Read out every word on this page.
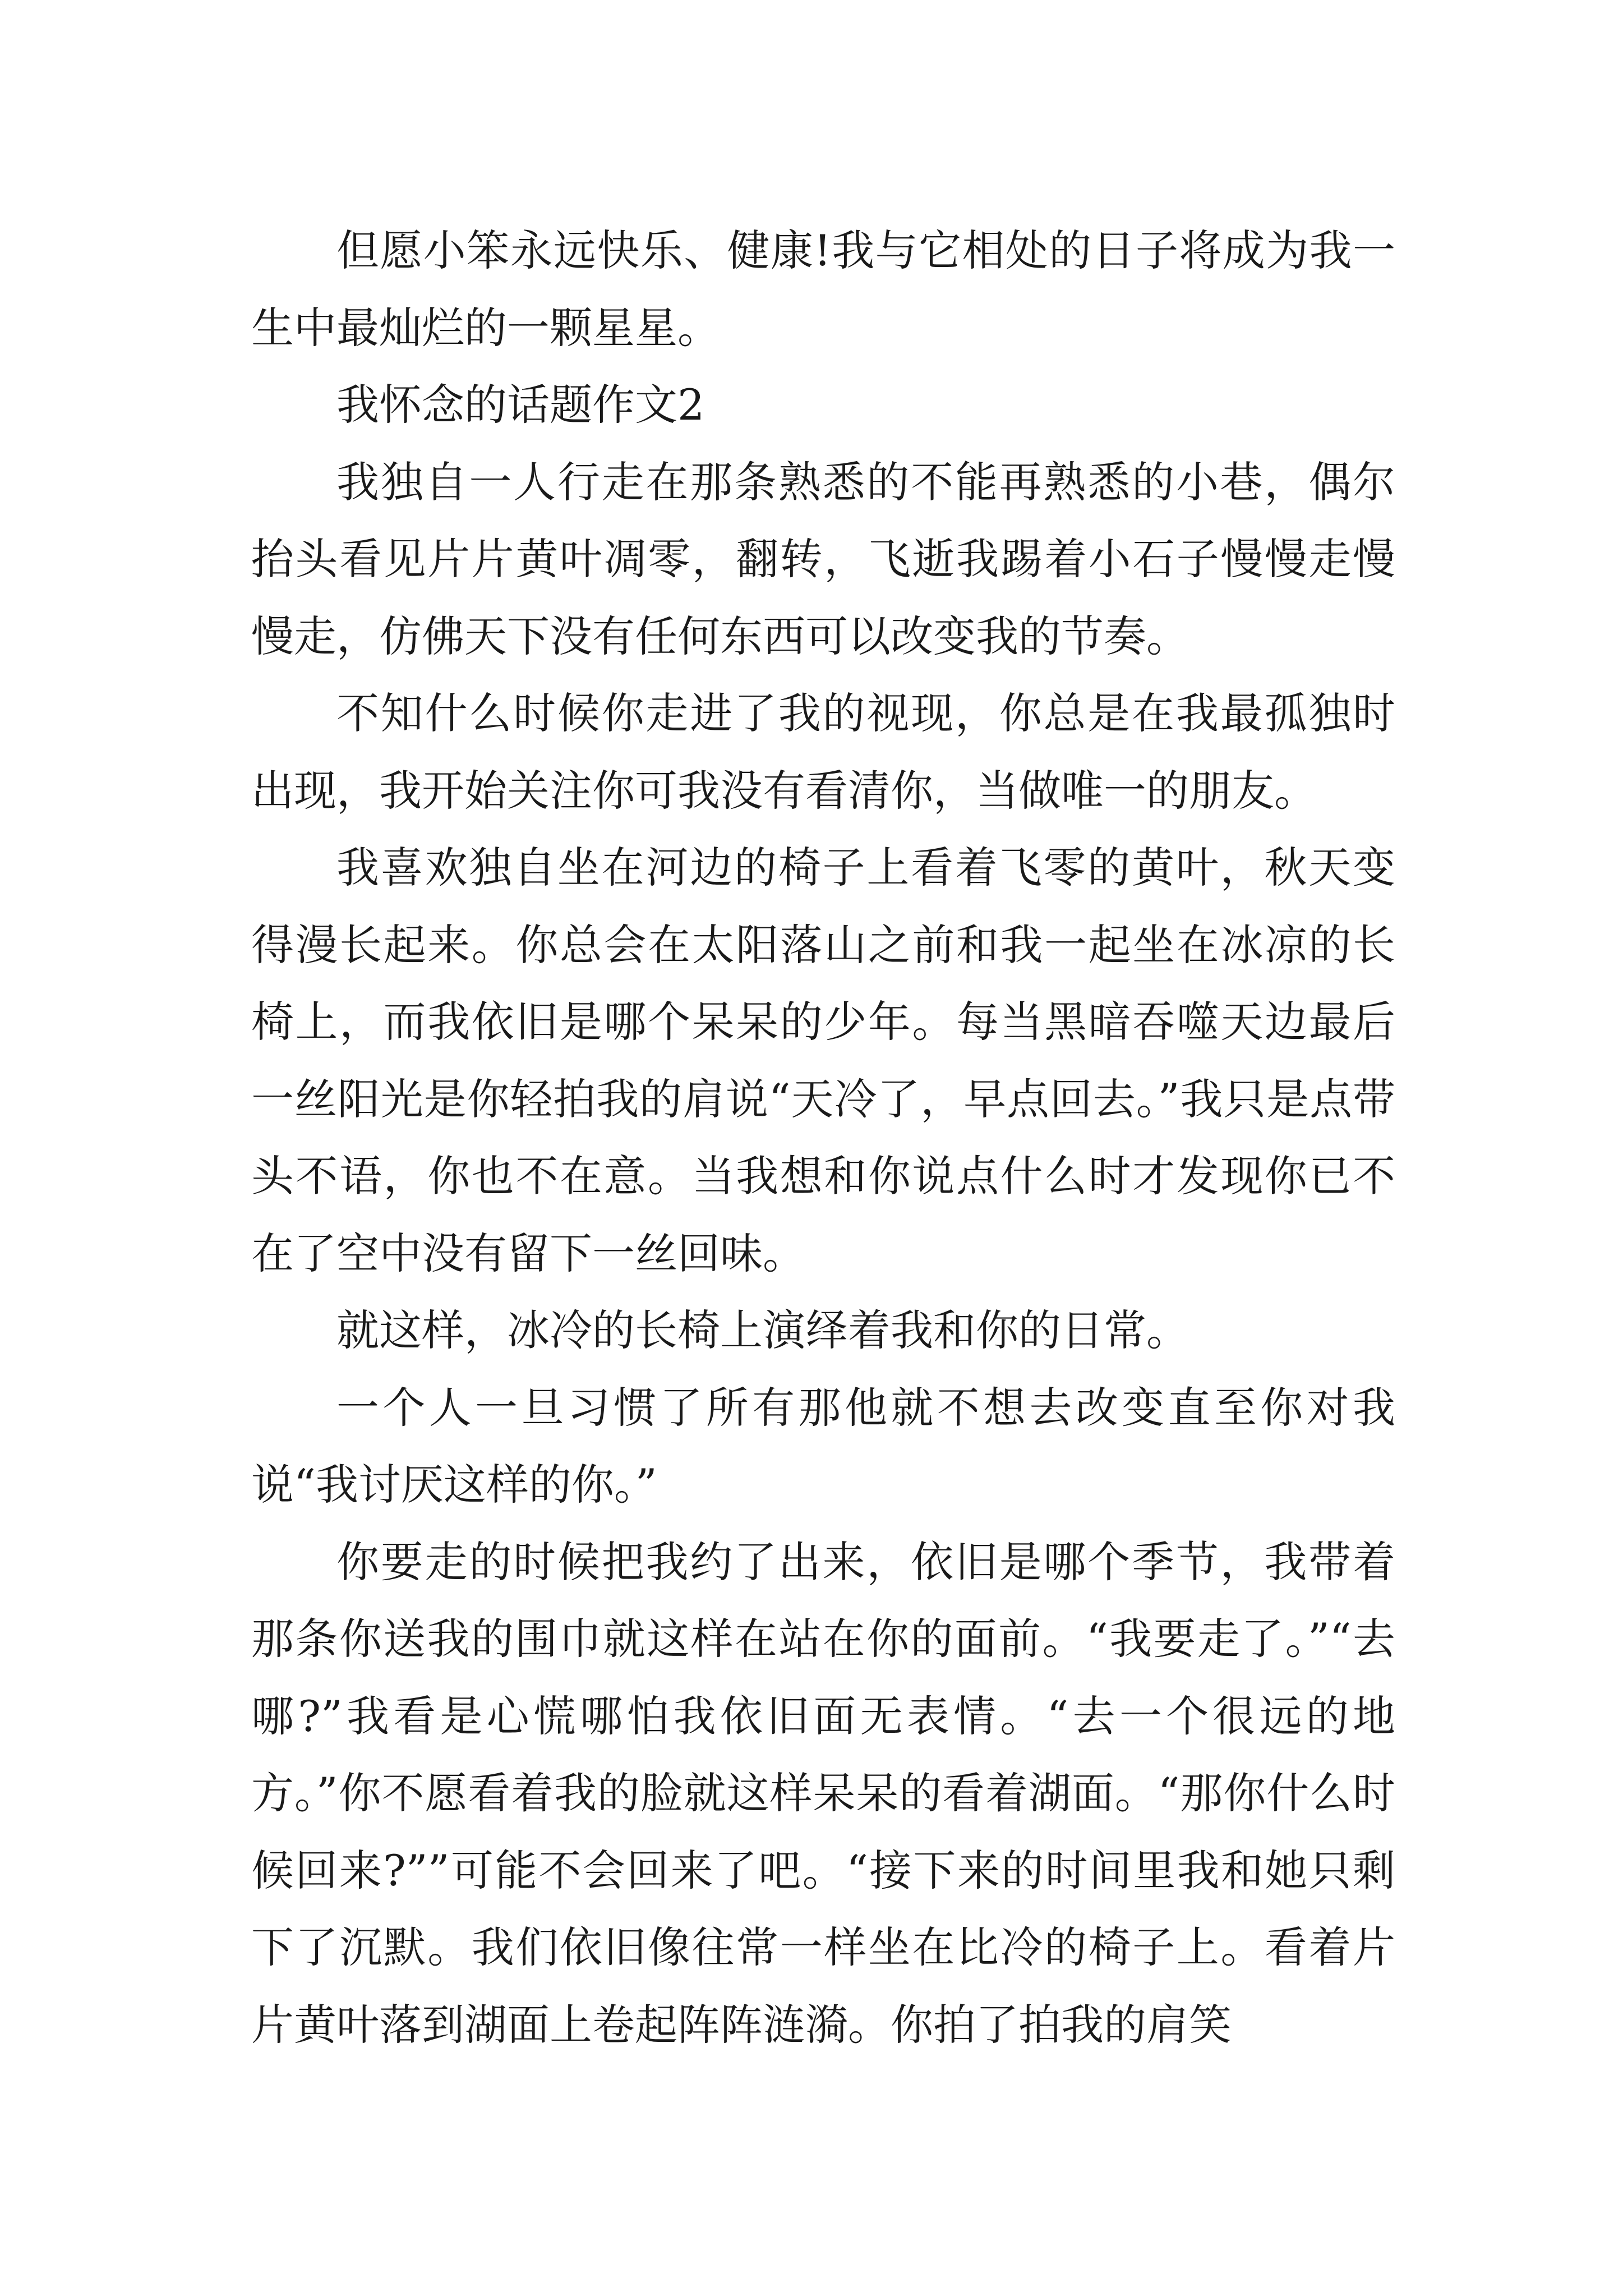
但愿小笨永远快乐、健康!我与它相处的日子将成为我一生中最灿烂的一颗星星。

我怀念的话题作文2

我独自一人行走在那条熟悉的不能再熟悉的小巷，偶尔抬头看见片片黄叶凋零，翻转，飞逝我踢着小石子慢慢走慢慢走，仿佛天下没有任何东西可以改变我的节奏。

不知什么时候你走进了我的视现，你总是在我最孤独时出现，我开始关注你可我没有看清你，当做唯一的朋友。

我喜欢独自坐在河边的椅子上看着飞零的黄叶，秋天变得漫长起来。你总会在太阳落山之前和我一起坐在冰凉的长椅上，而我依旧是哪个呆呆的少年。每当黑暗吞噬天边最后一丝阳光是你轻拍我的肩说“天冷了，早点回去。”我只是点带头不语，你也不在意。当我想和你说点什么时才发现你已不在了空中没有留下一丝回味。

就这样，冰冷的长椅上演绎着我和你的日常。

一个人一旦习惯了所有那他就不想去改变直至你对我说“我讨厌这样的你。”

你要走的时候把我约了出来，依旧是哪个季节，我带着那条你送我的围巾就这样在站在你的面前。“我要走了。”“去哪?”我看是心慌哪怕我依旧面无表情。“去一个很远的地方。”你不愿看着我的脸就这样呆呆的看着湖面。“那你什么时候回来?””可能不会回来了吧。“接下来的时间里我和她只剩下了沉默。我们依旧像往常一样坐在比冷的椅子上。看着片片黄叶落到湖面上卷起阵阵涟漪。你拍了拍我的肩笑
